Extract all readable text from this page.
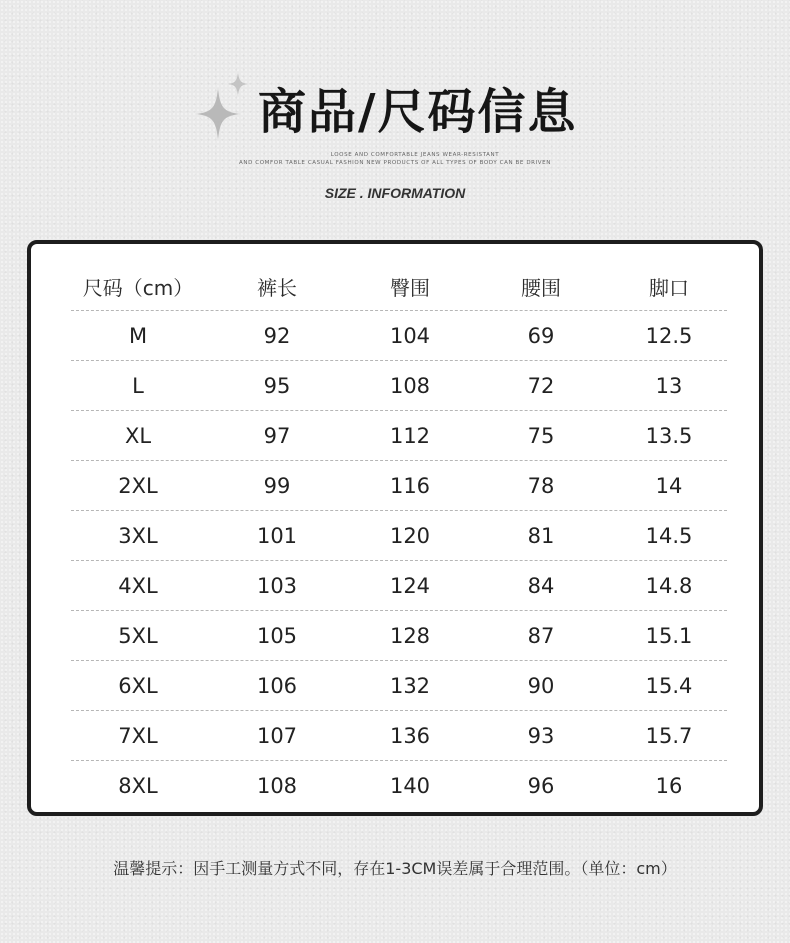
商品/尺码信息
LOOSE AND COMFORTABLE JEANS WEAR-RESISTANT
AND COMFOR TABLE CASUAL FASHION NEW PRODUCTS OF ALL TYPES OF BODY CAN BE DRIVEN
SIZE . INFORMATION
尺码（cm）	裤长	臀围	腰围	脚口
M	92	104	69	12.5
L	95	108	72	13
XL	97	112	75	13.5
2XL	99	116	78	14
3XL	101	120	81	14.5
4XL	103	124	84	14.8
5XL	105	128	87	15.1
6XL	106	132	90	15.4
7XL	107	136	93	15.7
8XL	108	140	96	16
温馨提示：因手工测量方式不同，存在1-3CM误差属于合理范围。（单位：cm）
